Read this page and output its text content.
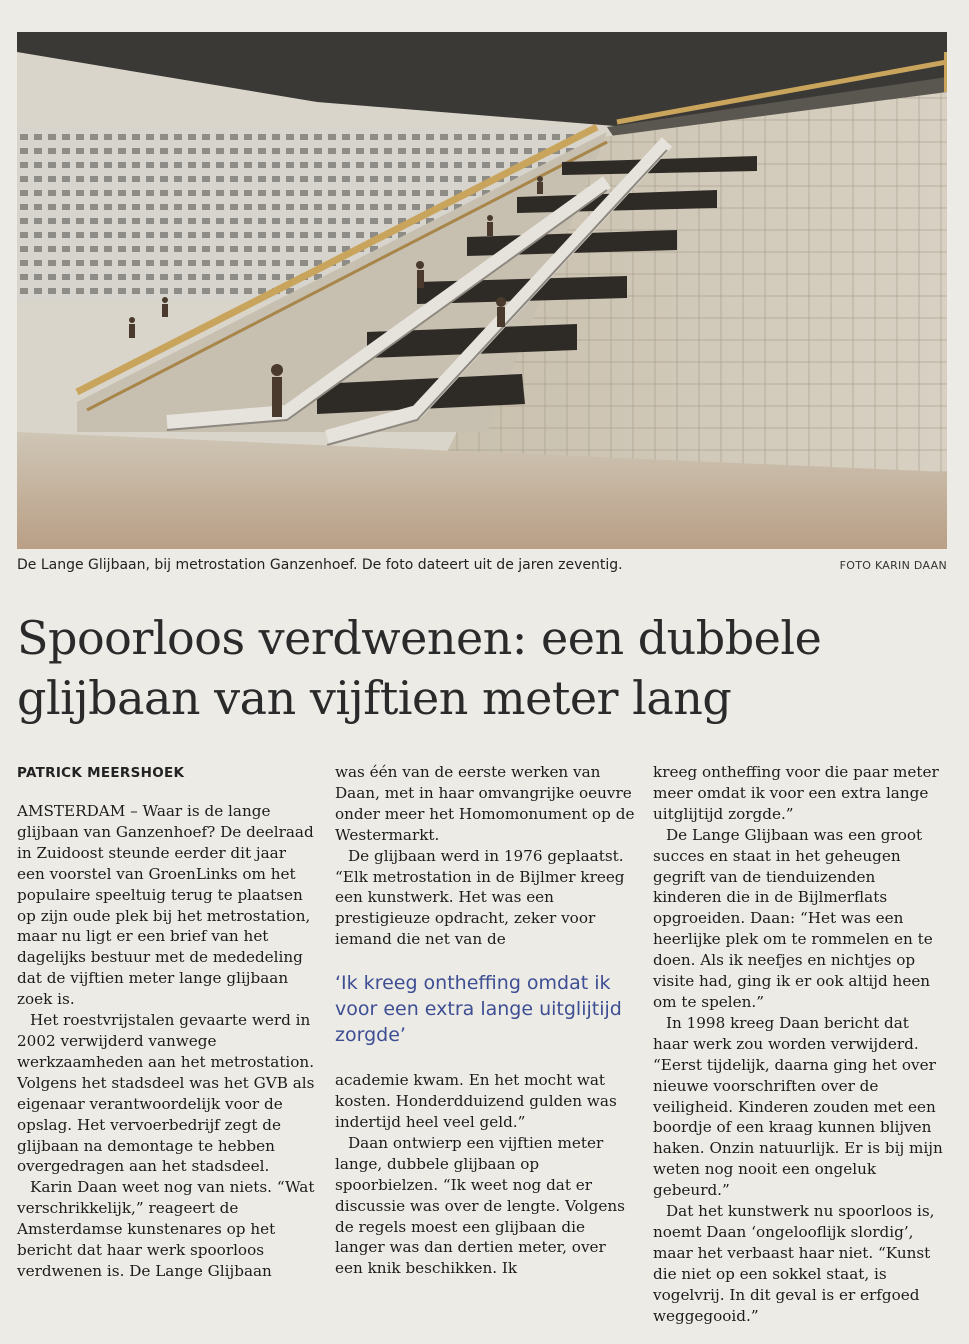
De Lange Glijbaan, bij metrostation Ganzenhoef. De foto dateert uit de jaren zeventig.	FOTO KARIN DAAN
Spoorloos verdwenen: een dubbele glijbaan van vijftien meter lang
PATRICK MEERSHOEK

AMSTERDAM – Waar is de lange glijbaan van Ganzenhoef? De deelraad in Zuidoost steunde eerder dit jaar een voorstel van GroenLinks om het populaire speeltuig terug te plaatsen op zijn oude plek bij het metrostation, maar nu ligt er een brief van het dagelijks bestuur met de mededeling dat de vijftien meter lange glijbaan zoek is.

Het roestvrijstalen gevaarte werd in 2002 verwijderd vanwege werkzaamheden aan het metrostation. Volgens het stadsdeel was het GVB als eigenaar verantwoordelijk voor de opslag. Het vervoerbedrijf zegt de glijbaan na demontage te hebben overgedragen aan het stadsdeel.

Karin Daan weet nog van niets. “Wat verschrikkelijk,” reageert de Amsterdamse kunstenares op het bericht dat haar werk spoorloos verdwenen is. De Lange Glijbaan

was één van de eerste werken van Daan, met in haar omvangrijke oeuvre onder meer het Homomonument op de Westermarkt.

De glijbaan werd in 1976 geplaatst. “Elk metrostation in de Bijlmer kreeg een kunstwerk. Het was een prestigieuze opdracht, zeker voor iemand die net van de

‘Ik kreeg ontheffing omdat ik voor een extra lange uitglijtijd zorgde’

academie kwam. En het mocht wat kosten. Honderdduizend gulden was indertijd heel veel geld.”

Daan ontwierp een vijftien meter lange, dubbele glijbaan op spoorbielzen. “Ik weet nog dat er discussie was over de lengte. Volgens de regels moest een glijbaan die langer was dan dertien meter, over een knik beschikken. Ik

kreeg ontheffing voor die paar meter meer omdat ik voor een extra lange uitglijtijd zorgde.”

De Lange Glijbaan was een groot succes en staat in het geheugen gegrift van de tienduizenden kinderen die in de Bijlmerflats opgroeiden. Daan: “Het was een heerlijke plek om te rommelen en te doen. Als ik neefjes en nichtjes op visite had, ging ik er ook altijd heen om te spelen.”

In 1998 kreeg Daan bericht dat haar werk zou worden verwijderd. “Eerst tijdelijk, daarna ging het over nieuwe voorschriften over de veiligheid. Kinderen zouden met een boordje of een kraag kunnen blijven haken. Onzin natuurlijk. Er is bij mijn weten nog nooit een ongeluk gebeurd.”

Dat het kunstwerk nu spoorloos is, noemt Daan ‘ongelooflijk slordig’, maar het verbaast haar niet. “Kunst die niet op een sokkel staat, is vogelvrij. In dit geval is er erfgoed weggegooid.”
